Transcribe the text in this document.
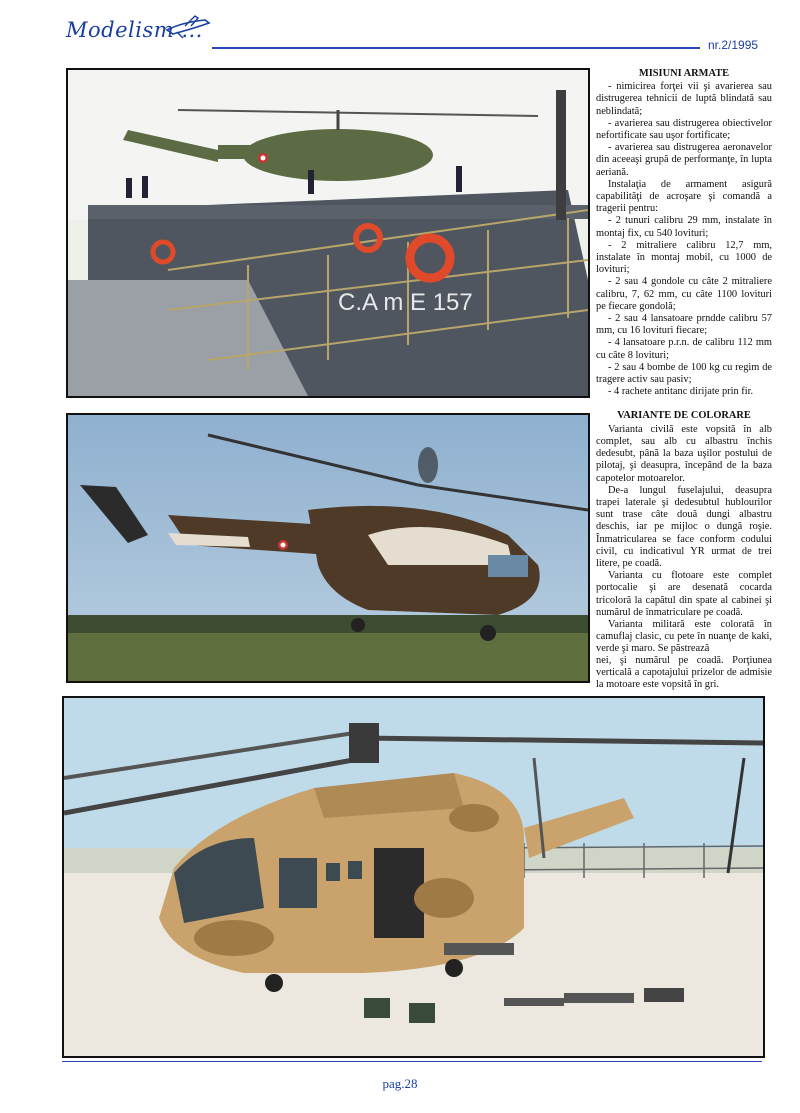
Modelism ...
nr.2/1995
C.A m E 157
MISIUNI ARMATE

- nimicirea forţei vii şi avarierea sau distrugerea tehnicii de luptă blindată sau neblindată;

- avarierea sau distrugerea obiectivelor nefortificate sau uşor fortificate;

- avarierea sau distrugerea aeronavelor din aceeaşi grupă de performanţe, în lupta aeriană.

Instalaţia de armament asigură capabilităţi de acroşare şi comandă a tragerii pentru:

- 2 tunuri calibru 29 mm, instalate în montaj fix, cu 540 lovituri;

- 2 mitraliere calibru 12,7 mm, instalate în montaj mobil, cu 1000 de lovituri;

- 2 sau 4 gondole cu câte 2 mitraliere calibru, 7, 62 mm, cu câte 1100 lovituri pe fiecare gondolă;

- 2 sau 4 lansatoare prndde calibru 57 mm, cu 16 lovituri fiecare;

- 4 lansatoare p.r.n. de calibru 112 mm cu câte 8 lovituri;

- 2 sau 4 bombe de 100 kg cu regim de tragere activ sau pasiv;

- 4 rachete antitanc dirijate prin fir.

VARIANTE DE COLORARE

Varianta civilă este vopsită în alb complet, sau alb cu albastru închis dedesubt, până la baza uşilor postului de pilotaj, şi deasupra, începând de la baza capotelor motoarelor.

De-a lungul fuselajului, deasupra trapei laterale şi dedesubtul hublourilor sunt trase câte două dungi albastru deschis, iar pe mijloc o dungă roşie. Înmatricularea se face conform codului civil, cu indicativul YR urmat de trei litere, pe coadă.

Varianta cu flotoare este complet portocalie şi are desenată cocarda tricoloră la capătul din spate al cabinei şi numărul de înmatriculare pe coadă.

Varianta militară este colorată în camuflaj clasic, cu pete în nuanţe de kaki, verde şi maro. Se păstrează

nei, şi numărul pe coadă. Porţiunea verticală a capotajului prizelor de admisie la motoare este vopsită în gri.

pag.28
